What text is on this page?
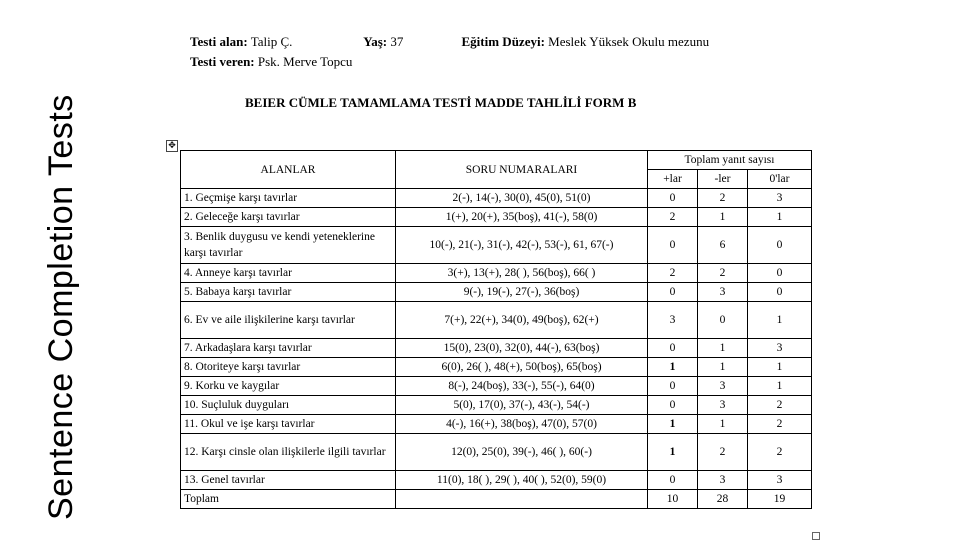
Sentence Completion Tests
Testi alan: Talip Ç.	Yaş: 37	Eğitim Düzeyi: Meslek Yüksek Okulu mezunu
Testi veren: Psk. Merve Topcu
BEIER CÜMLE TAMAMLAMA TESTİ MADDE TAHLİLİ FORM B
✥
ALANLAR	SORU NUMARALARI	Toplam yanıt sayısı		
		+lar	-ler	0'lar
1. Geçmişe karşı tavırlar	2(-), 14(-), 30(0), 45(0), 51(0)	0	2	3
2. Geleceğe karşı tavırlar	1(+), 20(+), 35(boş), 41(-), 58(0)	2	1	1
3. Benlik duygusu ve kendi yeteneklerine karşı tavırlar	10(-), 21(-), 31(-), 42(-), 53(-), 61, 67(-)	0	6	0
4. Anneye karşı tavırlar	3(+), 13(+), 28( ), 56(boş), 66( )	2	2	0
5. Babaya karşı tavırlar	9(-), 19(-), 27(-), 36(boş)	0	3	0
6. Ev ve aile ilişkilerine karşı tavırlar	7(+), 22(+), 34(0), 49(boş), 62(+)	3	0	1
7. Arkadaşlara karşı tavırlar	15(0), 23(0), 32(0), 44(-), 63(boş)	0	1	3
8. Otoriteye karşı tavırlar	6(0), 26( ), 48(+), 50(boş), 65(boş)	1	1	1
9. Korku ve kaygılar	8(-), 24(boş), 33(-), 55(-), 64(0)	0	3	1
10. Suçluluk duyguları	5(0), 17(0), 37(-), 43(-), 54(-)	0	3	2
11. Okul ve işe karşı tavırlar	4(-), 16(+), 38(boş), 47(0), 57(0)	1	1	2
12. Karşı cinsle olan ilişkilerle ilgili tavırlar	12(0), 25(0), 39(-), 46( ), 60(-)	1	2	2
13. Genel tavırlar	11(0), 18( ), 29( ), 40( ), 52(0), 59(0)	0	3	3
Toplam		10	28	19
